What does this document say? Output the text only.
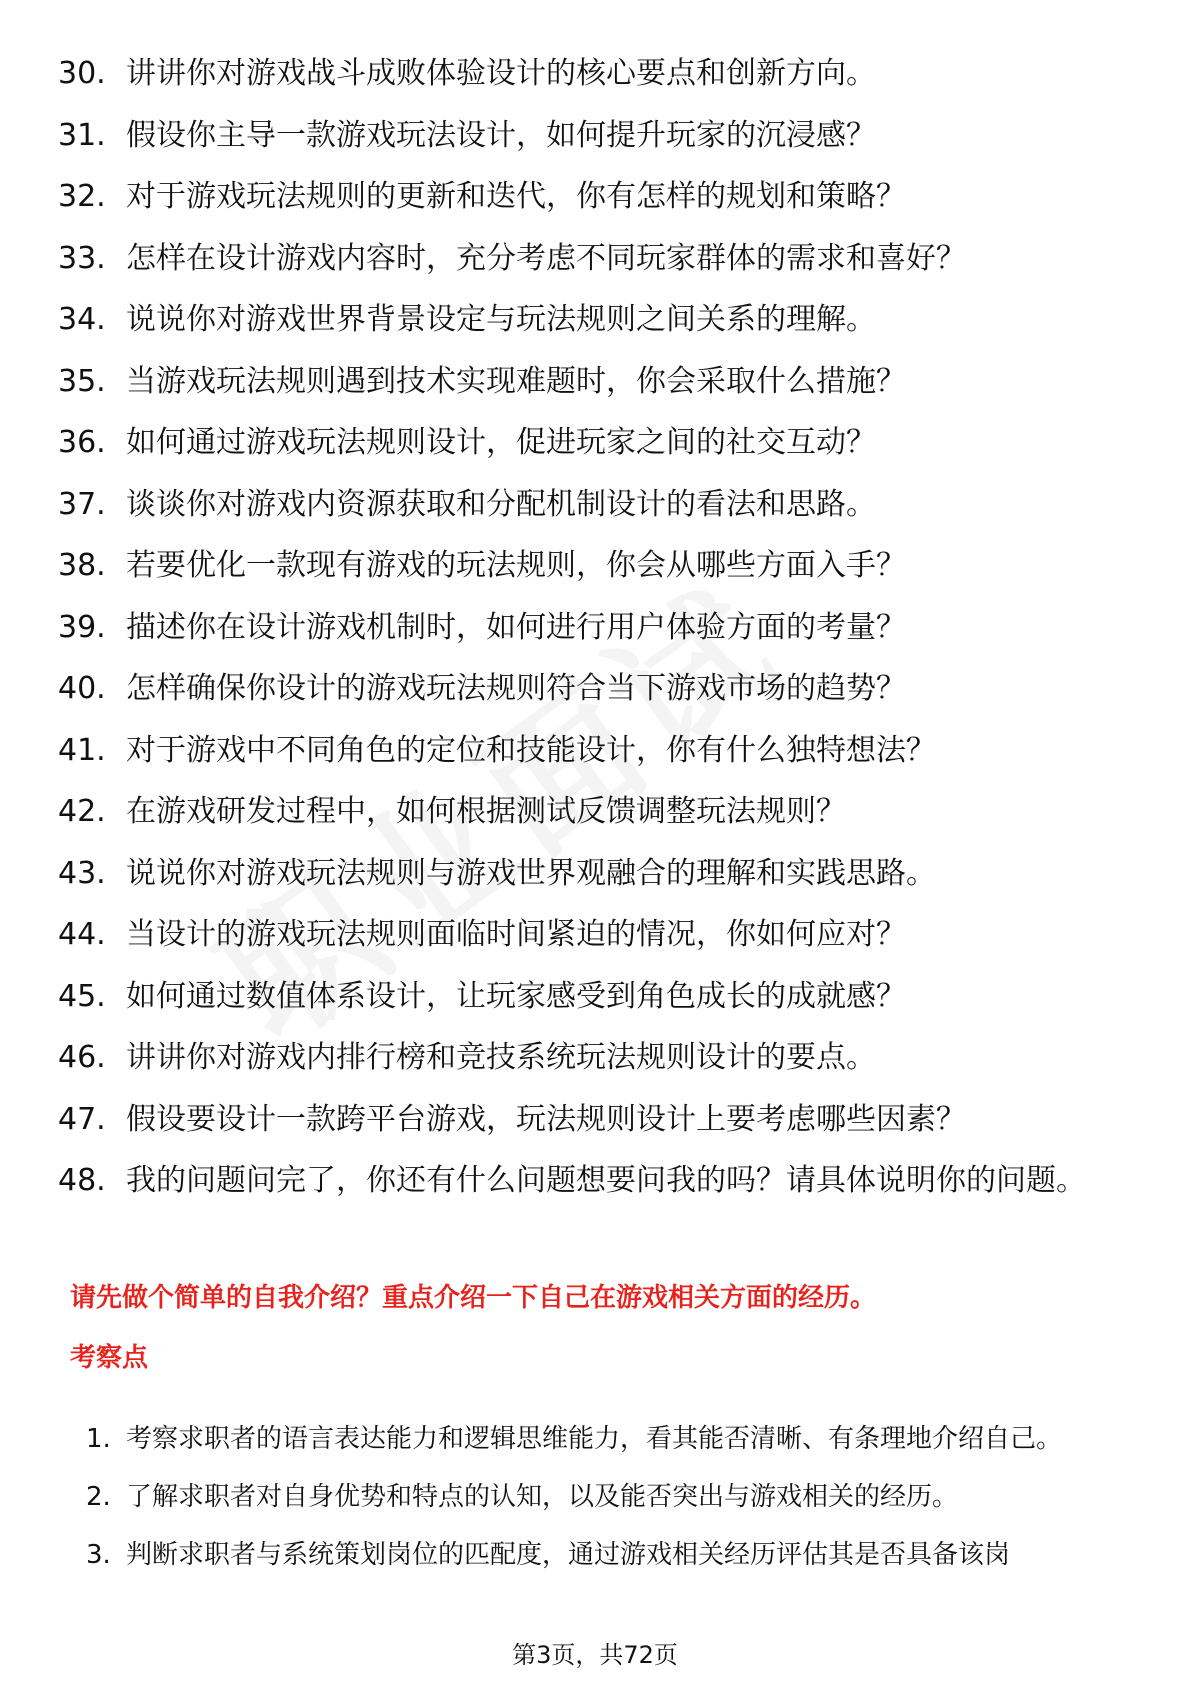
30. 讲讲你对游戏战斗成败体验设计的核心要点和创新方向。
31. 假设你主导一款游戏玩法设计，如何提升玩家的沉浸感？
32. 对于游戏玩法规则的更新和迭代，你有怎样的规划和策略？
33. 怎样在设计游戏内容时，充分考虑不同玩家群体的需求和喜好？
34. 说说你对游戏世界背景设定与玩法规则之间关系的理解。
35. 当游戏玩法规则遇到技术实现难题时，你会采取什么措施？
36. 如何通过游戏玩法规则设计，促进玩家之间的社交互动？
37. 谈谈你对游戏内资源获取和分配机制设计的看法和思路。
38. 若要优化一款现有游戏的玩法规则，你会从哪些方面入手？
39. 描述你在设计游戏机制时，如何进行用户体验方面的考量？
40. 怎样确保你设计的游戏玩法规则符合当下游戏市场的趋势？
41. 对于游戏中不同角色的定位和技能设计，你有什么独特想法？
42. 在游戏研发过程中，如何根据测试反馈调整玩法规则？
43. 说说你对游戏玩法规则与游戏世界观融合的理解和实践思路。
44. 当设计的游戏玩法规则面临时间紧迫的情况，你如何应对？
45. 如何通过数值体系设计，让玩家感受到角色成长的成就感？
46. 讲讲你对游戏内排行榜和竞技系统玩法规则设计的要点。
47. 假设要设计一款跨平台游戏，玩法规则设计上要考虑哪些因素？
48. 我的问题问完了，你还有什么问题想要问我的吗？请具体说明你的问题。
请先做个简单的自我介绍？重点介绍一下自己在游戏相关方面的经历。
考察点
1. 考察求职者的语言表达能力和逻辑思维能力，看其能否清晰、有条理地介绍自己。
2. 了解求职者对自身优势和特点的认知，以及能否突出与游戏相关的经历。
3. 判断求职者与系统策划岗位的匹配度，通过游戏相关经历评估其是否具备该岗
第3页，共72页
